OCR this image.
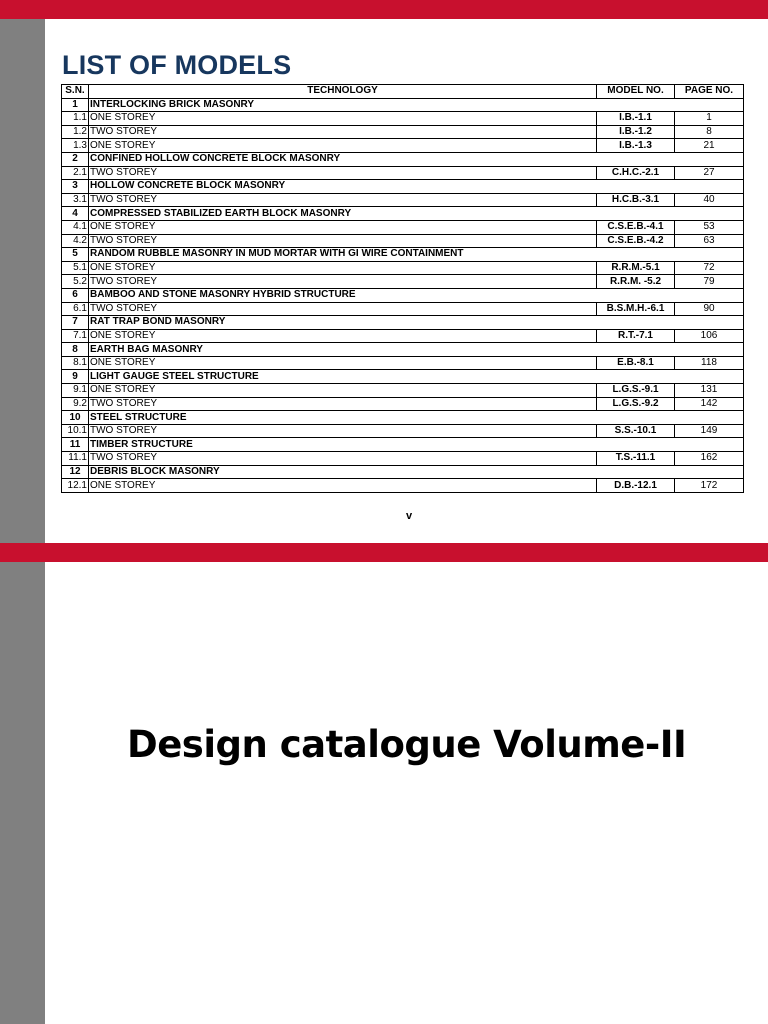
LIST OF MODELS
S.N.	TECHNOLOGY	MODEL NO.	PAGE NO.
1	INTERLOCKING BRICK MASONRY		
1.1	ONE STOREY	I.B.-1.1	1
1.2	TWO STOREY	I.B.-1.2	8
1.3	ONE STOREY	I.B.-1.3	21
2	CONFINED HOLLOW CONCRETE BLOCK MASONRY		
2.1	TWO STOREY	C.H.C.-2.1	27
3	HOLLOW CONCRETE BLOCK MASONRY		
3.1	TWO STOREY	H.C.B.-3.1	40
4	COMPRESSED STABILIZED EARTH BLOCK MASONRY		
4.1	ONE STOREY	C.S.E.B.-4.1	53
4.2	TWO STOREY	C.S.E.B.-4.2	63
5	RANDOM RUBBLE MASONRY IN MUD MORTAR WITH GI WIRE CONTAINMENT		
5.1	ONE STOREY	R.R.M.-5.1	72
5.2	TWO STOREY	R.R.M. -5.2	79
6	BAMBOO AND STONE MASONRY HYBRID STRUCTURE		
6.1	TWO STOREY	B.S.M.H.-6.1	90
7	RAT TRAP BOND MASONRY		
7.1	ONE STOREY	R.T.-7.1	106
8	EARTH BAG MASONRY		
8.1	ONE STOREY	E.B.-8.1	118
9	LIGHT GAUGE STEEL STRUCTURE		
9.1	ONE STOREY	L.G.S.-9.1	131
9.2	TWO STOREY	L.G.S.-9.2	142
10	STEEL STRUCTURE		
10.1	TWO STOREY	S.S.-10.1	149
11	TIMBER STRUCTURE		
11.1	TWO STOREY	T.S.-11.1	162
12	DEBRIS BLOCK MASONRY		
12.1	ONE STOREY	D.B.-12.1	172
v
Design catalogue Volume-II
